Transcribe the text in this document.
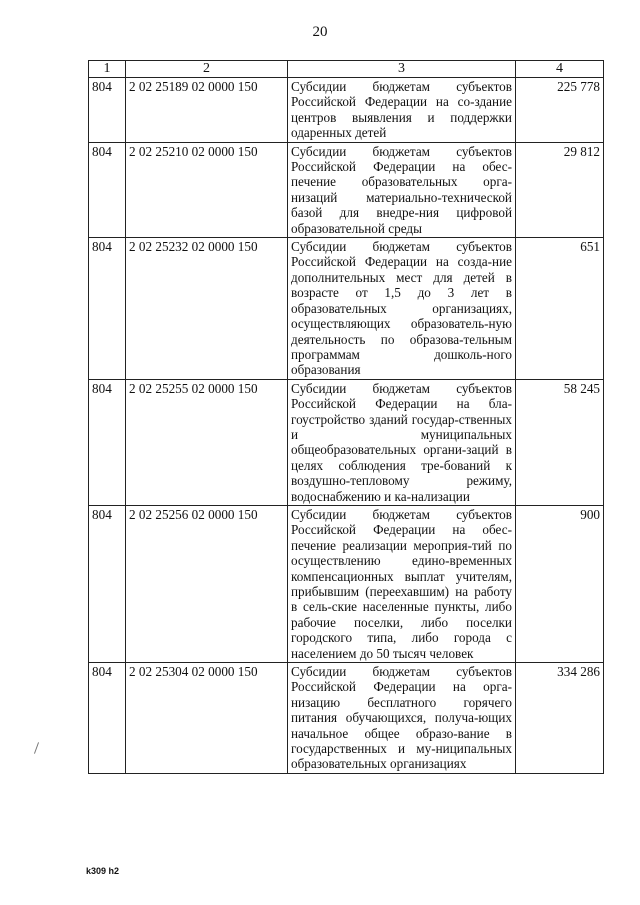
20
1	2	3	4
804	2 02 25189 02 0000 150	Субсидии бюджетам субъектов Российской Федерации на со-здание центров выявления и поддержки одаренных детей	225 778
804	2 02 25210 02 0000 150	Субсидии бюджетам субъектов Российской Федерации на обес-печение образовательных орга-низаций материально-технической базой для внедре-ния цифровой образовательной среды	29 812
804	2 02 25232 02 0000 150	Субсидии бюджетам субъектов Российской Федерации на созда-ние дополнительных мест для детей в возрасте от 1,5 до 3 лет в образовательных организациях, осуществляющих образователь-ную деятельность по образова-тельным программам дошколь-ного образования	651
804	2 02 25255 02 0000 150	Субсидии бюджетам субъектов Российской Федерации на бла-гоустройство зданий государ-ственных и муниципальных общеобразовательных органи-заций в целях соблюдения тре-бований к воздушно-тепловому режиму, водоснабжению и ка-нализации	58 245
804	2 02 25256 02 0000 150	Субсидии бюджетам субъектов Российской Федерации на обес-печение реализации мероприя-тий по осуществлению едино-временных компенсационных выплат учителям, прибывшим (переехавшим) на работу в сель-ские населенные пункты, либо рабочие поселки, либо поселки городского типа, либо города с населением до 50 тысяч человек	900
804	2 02 25304 02 0000 150	Субсидии бюджетам субъектов Российской Федерации на орга-низацию бесплатного горячего питания обучающихся, получа-ющих начальное общее образо-вание в государственных и му-ниципальных образовательных организациях	334 286
k309 h2
